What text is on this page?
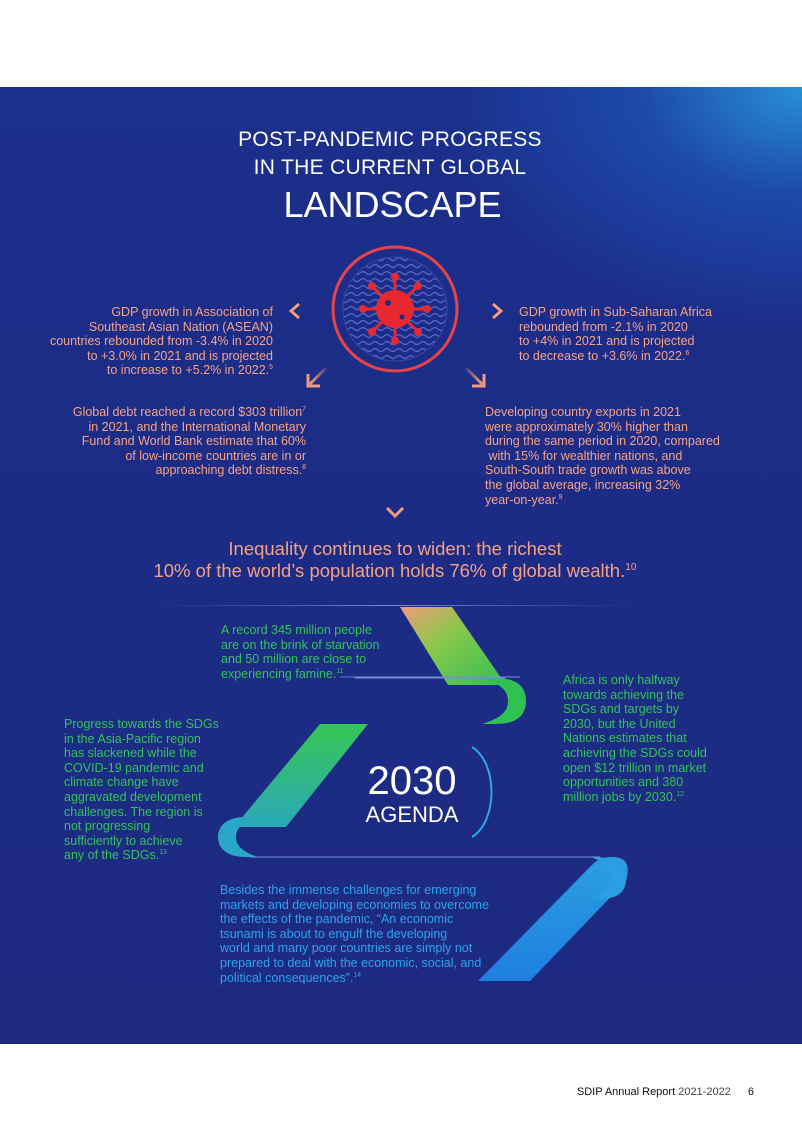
POST-PANDEMIC PROGRESS
IN THE CURRENT GLOBAL
LANDSCAPE
GDP growth in Association of
Southeast Asian Nation (ASEAN)
countries rebounded from -3.4% in 2020
to +3.0% in 2021 and is projected
to increase to +5.2% in 2022.$^5$
GDP growth in Sub-Saharan Africa
rebounded from -2.1% in 2020
to +4% in 2021 and is projected
to decrease to +3.6% in 2022.$^6$
Global debt reached a record $303 trillion$^7$
in 2021, and the International Monetary
Fund and World Bank estimate that 60%
of low-income countries are in or
approaching debt distress.$^8$
Developing country exports in 2021
were approximately 30% higher than
during the same period in 2020, compared
with 15% for wealthier nations, and
South-South trade growth was above
the global average, increasing 32%
year-on-year.$^9$
Inequality continues to widen: the richest
10% of the world’s population holds 76% of global wealth.$^{10}$
A record 345 million people
are on the brink of starvation
and 50 million are close to
experiencing famine.$^{11}$
Africa is only halfway
towards achieving the
SDGs and targets by
2030, but the United
Nations estimates that
achieving the SDGs could
open $12 trillion in market
opportunities and 380
million jobs by 2030.12
Progress towards the SDGs
in the Asia-Pacific region
has slackened while the
COVID-19 pandemic and
climate change have
aggravated development
challenges. The region is
not progressing
sufficiently to achieve
any of the SDGs.$^{13}$
2030
AGENDA
Besides the immense challenges for emerging
markets and developing economies to overcome
the effects of the pandemic, “An economic
tsunami is about to engulf the developing
world and many poor countries are simply not
prepared to deal with the economic, social, and
political consequences”.$^{14}$
SDIP Annual Report 2021-2022 6
